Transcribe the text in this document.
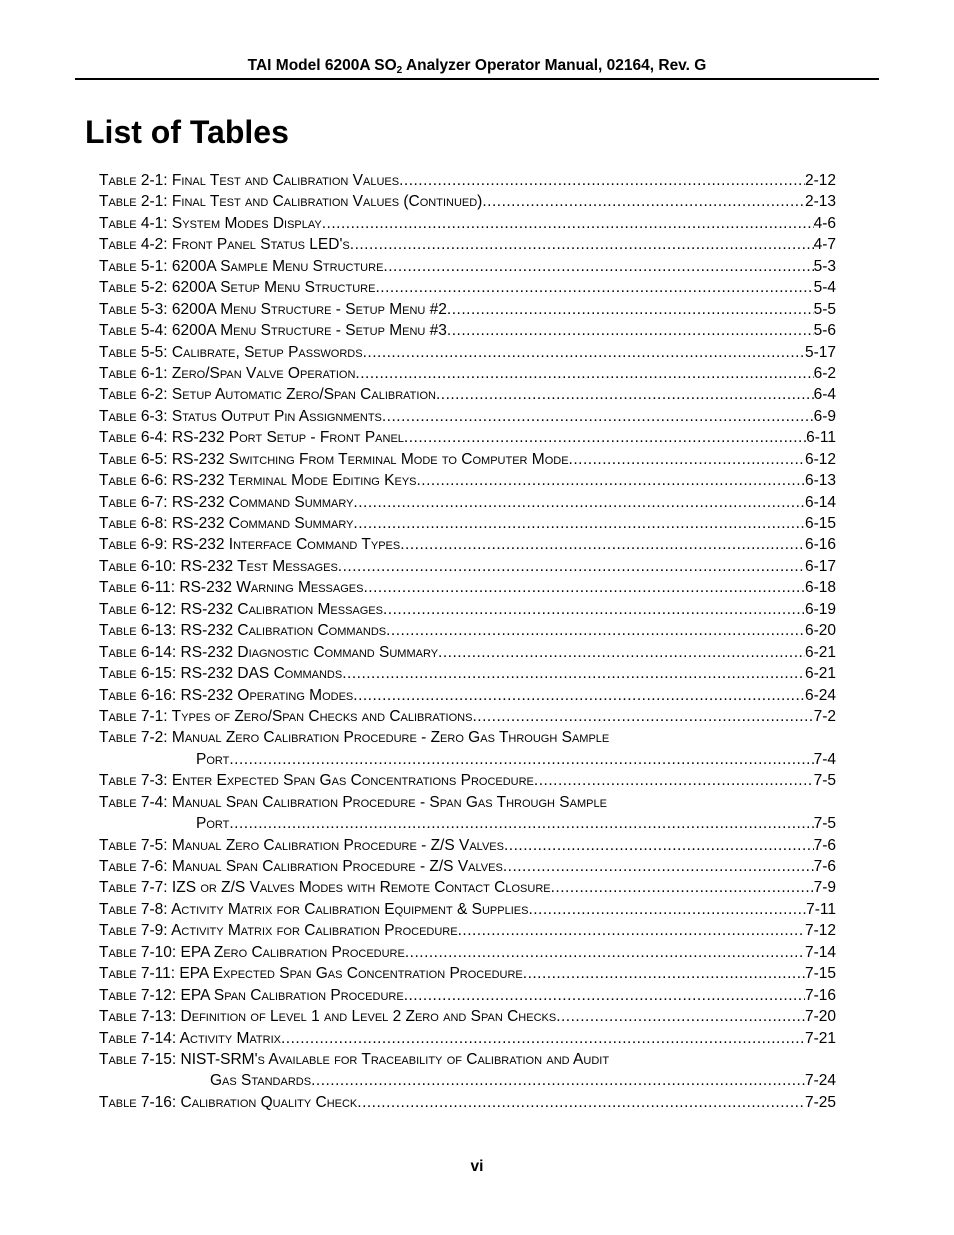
TAI Model 6200A $SO_2$ Analyzer Operator Manual, 02164, Rev. G
List of Tables
Table 2-1: Final Test and Calibration Values .....	2-12
Table 2-1: Final Test and Calibration Values (Continued) .....	2-13
Table 4-1: System Modes Display .....	4-6
Table 4-2: Front Panel Status LED's .....	4-7
Table 5-1: 6200A Sample Menu Structure .....	5-3
Table 5-2: 6200A Setup Menu Structure .....	5-4
Table 5-3: 6200A Menu Structure - Setup Menu #2 .....	5-5
Table 5-4: 6200A Menu Structure - Setup Menu #3 .....	5-6
Table 5-5: Calibrate, Setup Passwords .....	5-17
Table 6-1: Zero/Span Valve Operation .....	6-2
Table 6-2: Setup Automatic Zero/Span Calibration .....	6-4
Table 6-3: Status Output Pin Assignments .....	6-9
Table 6-4: RS-232 Port Setup - Front Panel .....	6-11
Table 6-5: RS-232 Switching From Terminal Mode to Computer Mode .....	6-12
Table 6-6: RS-232 Terminal Mode Editing Keys .....	6-13
Table 6-7: RS-232 Command Summary .....	6-14
Table 6-8: RS-232 Command Summary .....	6-15
Table 6-9: RS-232 Interface Command Types .....	6-16
Table 6-10: RS-232 Test Messages .....	6-17
Table 6-11: RS-232 Warning Messages .....	6-18
Table 6-12: RS-232 Calibration Messages .....	6-19
Table 6-13: RS-232 Calibration Commands .....	6-20
Table 6-14: RS-232 Diagnostic Command Summary .....	6-21
Table 6-15: RS-232 DAS Commands .....	6-21
Table 6-16: RS-232 Operating Modes .....	6-24
Table 7-1: Types of Zero/Span Checks and Calibrations .....	7-2
Table 7-2: Manual Zero Calibration Procedure - Zero Gas Through Sample
Port .....	7-4
Table 7-3: Enter Expected Span Gas Concentrations Procedure .....	7-5
Table 7-4: Manual Span Calibration Procedure - Span Gas Through Sample
Port .....	7-5
Table 7-5: Manual Zero Calibration Procedure - Z/S Valves .....	7-6
Table 7-6: Manual Span Calibration Procedure - Z/S Valves .....	7-6
Table 7-7: IZS or Z/S Valves Modes with Remote Contact Closure .....	7-9
Table 7-8: Activity Matrix for Calibration Equipment & Supplies .....	7-11
Table 7-9: Activity Matrix for Calibration Procedure .....	7-12
Table 7-10: EPA Zero Calibration Procedure .....	7-14
Table 7-11: EPA Expected Span Gas Concentration Procedure .....	7-15
Table 7-12: EPA Span Calibration Procedure .....	7-16
Table 7-13: Definition of Level 1 and Level 2 Zero and Span Checks .....	7-20
Table 7-14: Activity Matrix .....	7-21
Table 7-15: NIST-SRM's Available for Traceability of Calibration and Audit
Gas Standards .....	7-24
Table 7-16: Calibration Quality Check .....	7-25
vi
